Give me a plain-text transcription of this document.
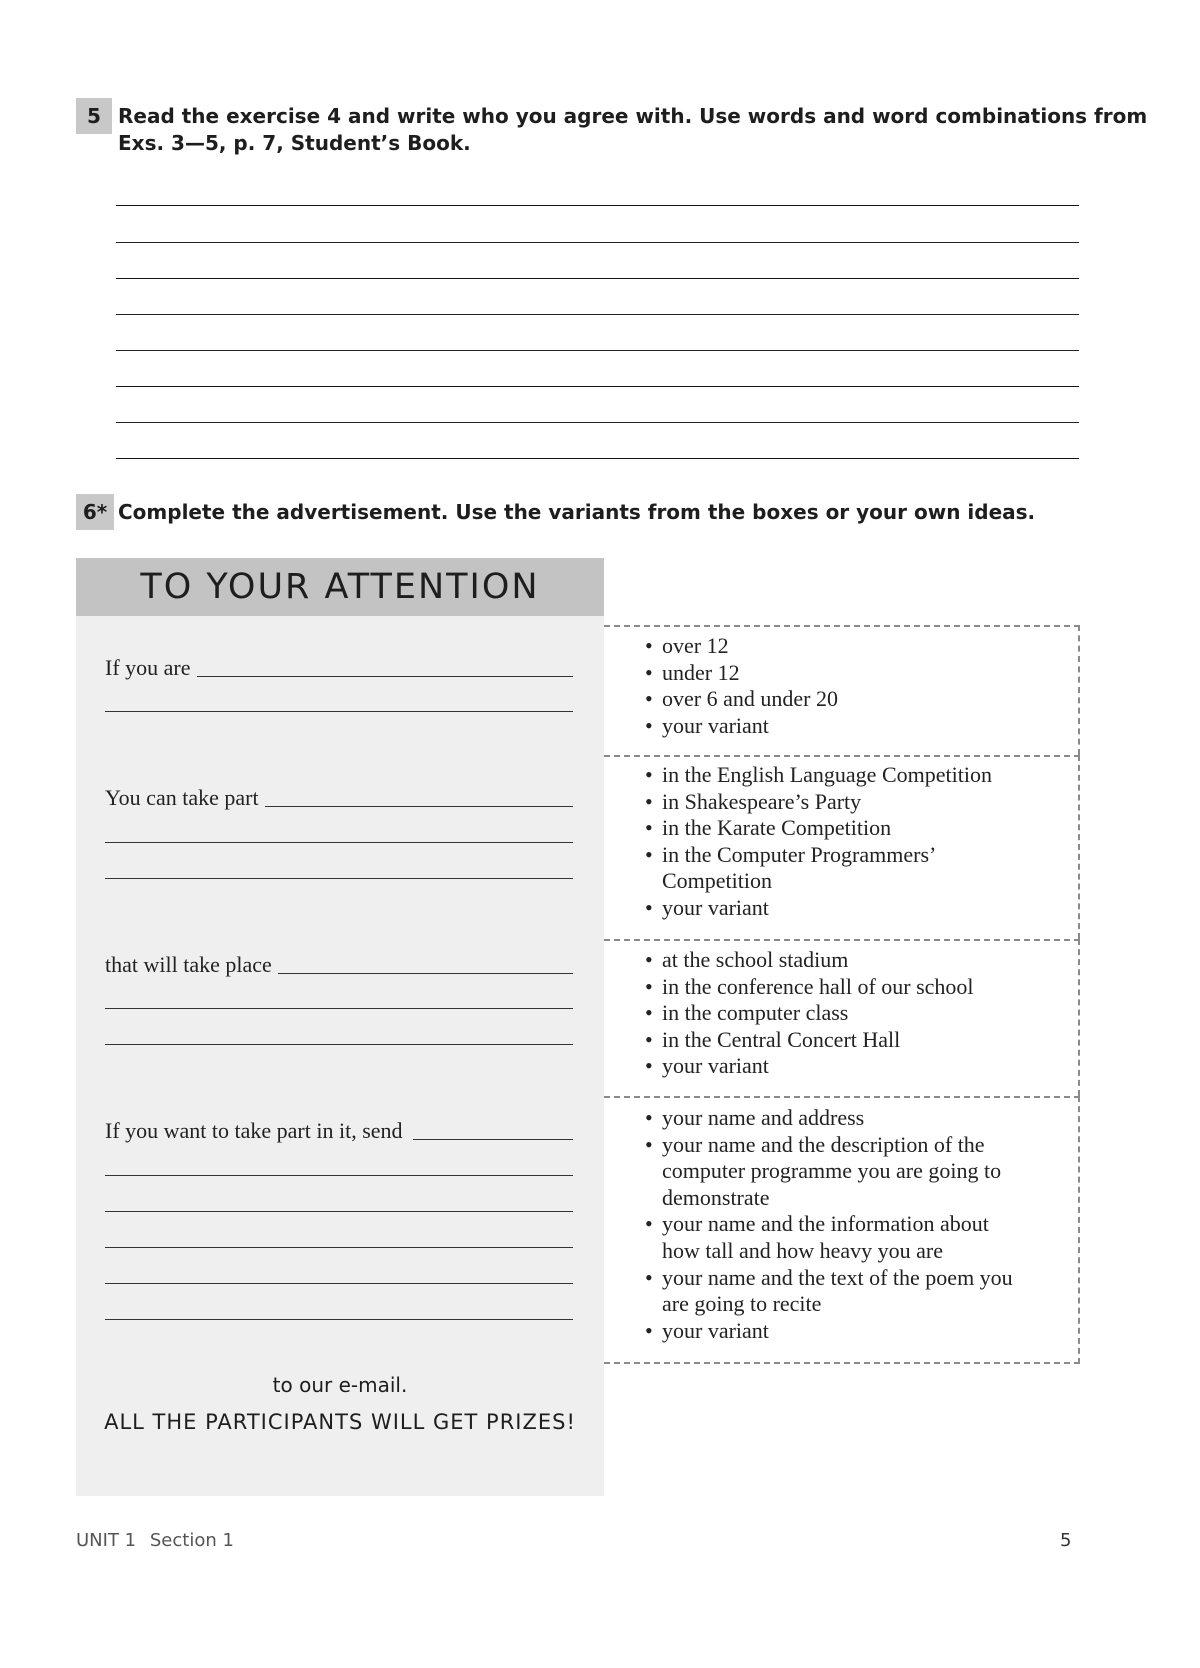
5 Read the exercise 4 and write who you agree with. Use words and word combinations from
Exs. 3—5, p. 7, Student’s Book.
6* Complete the advertisement. Use the variants from the boxes or your own ideas.
TO YOUR ATTENTION
If you are
You can take part
that will take place
If you want to take part in it, send
to our e-mail.
ALL THE PARTICIPANTS WILL GET PRIZES!
• over 12
• under 12
• over 6 and under 20
• your variant
• in the English Language Competition
• in Shakespeare’s Party
• in the Karate Competition
• in the Computer Programmers’
Competition
• your variant
• at the school stadium
• in the conference hall of our school
• in the computer class
• in the Central Concert Hall
• your variant
• your name and address
• your name and the description of the
computer programme you are going to
demonstrate
• your name and the information about
how tall and how heavy you are
• your name and the text of the poem you
are going to recite
• your variant
UNIT 1 Section 1	5
